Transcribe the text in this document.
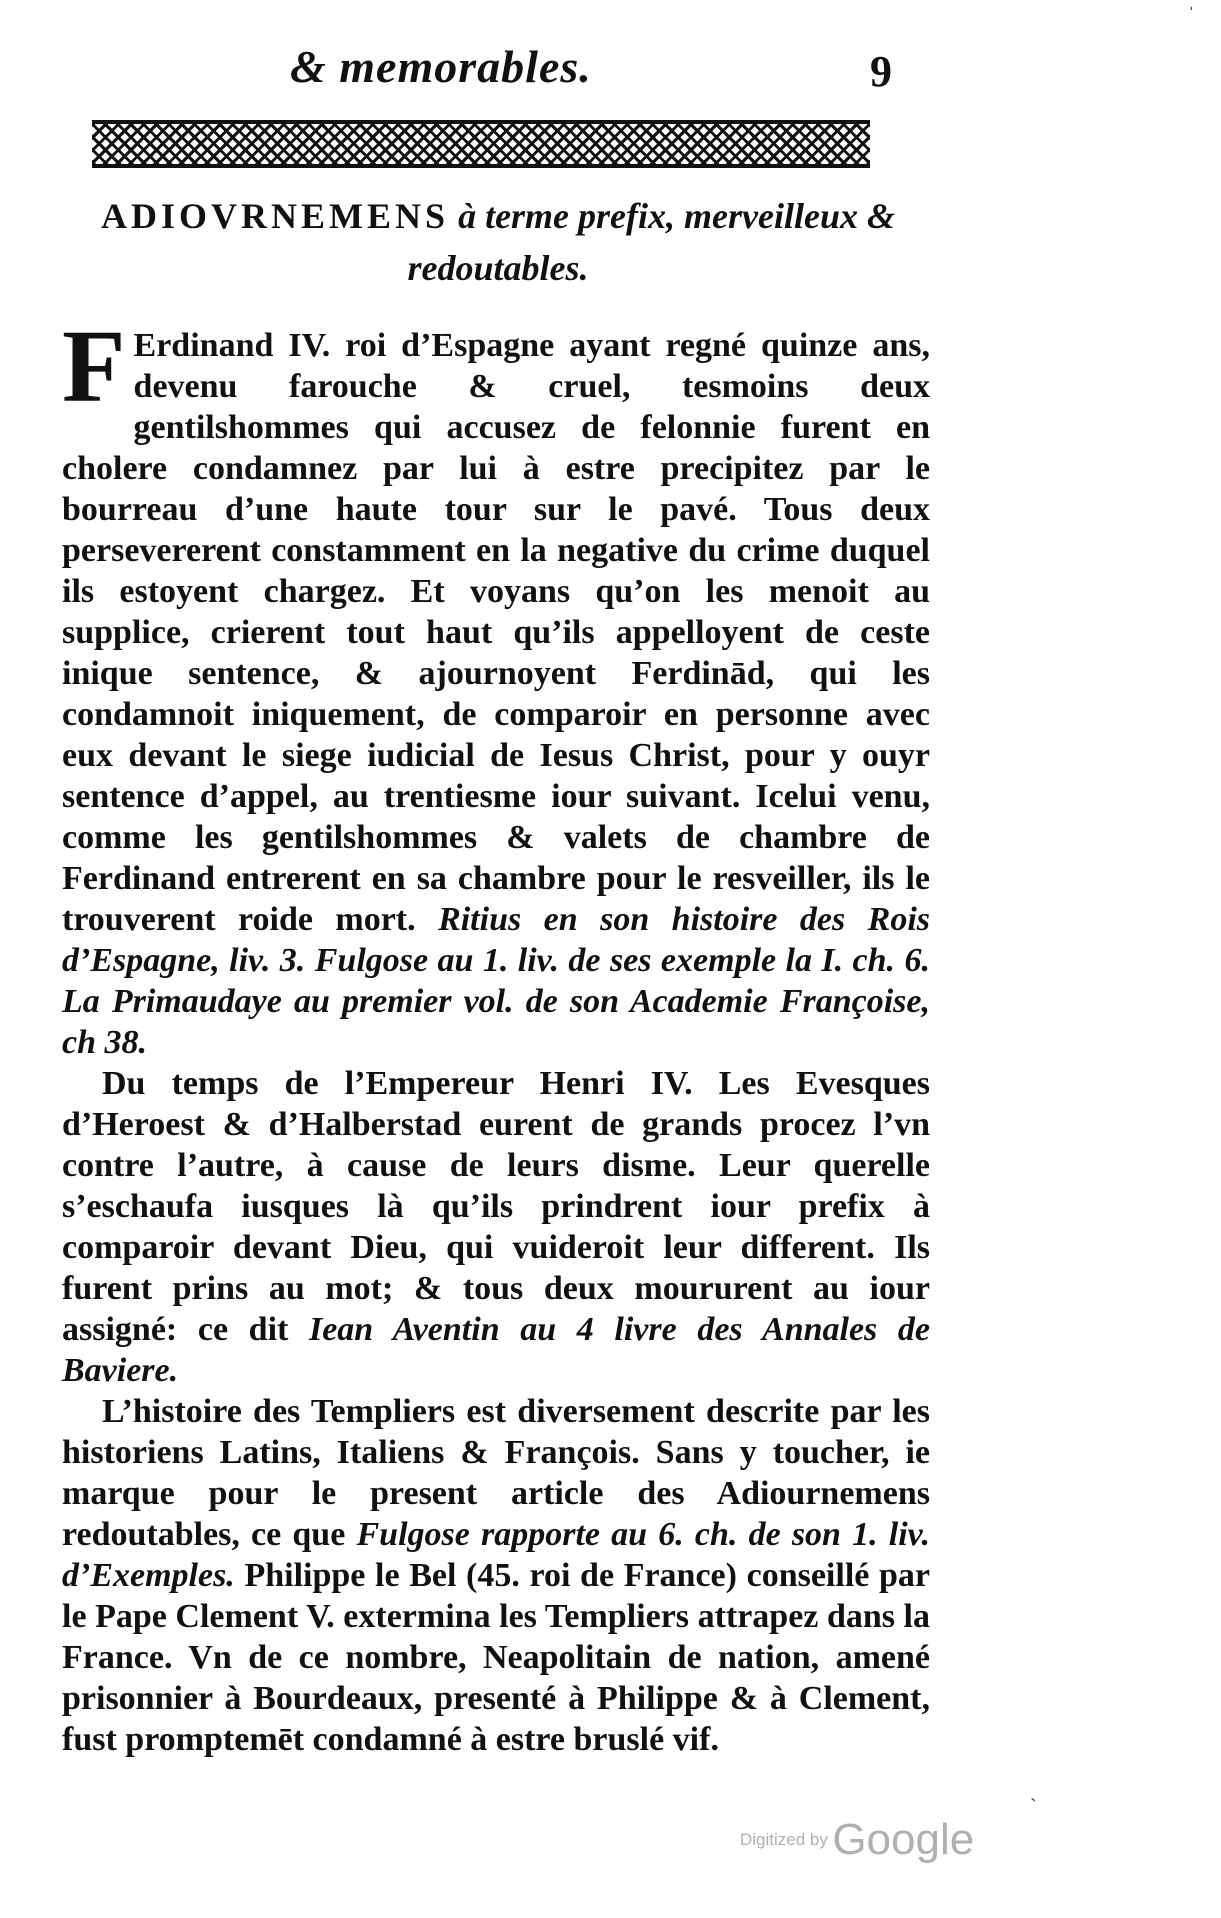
& memorables.	9
ADIOVRNEMENS à terme prefix, merveilleux & redoutables.

F Erdinand IV. roi d’Espagne ayant regné quinze ans, devenu farouche & cruel, tesmoins deux gentilshommes qui accusez de felonnie furent en cholere condamnez par lui à estre precipitez par le bourreau d’une haute tour sur le pavé. Tous deux persevererent constamment en la negative du crime duquel ils estoyent chargez. Et voyans qu’on les menoit au supplice, crierent tout haut qu’ils appelloyent de ceste inique sentence, & ajournoyent Ferdinād, qui les condamnoit iniquement, de comparoir en personne avec eux devant le siege iudicial de Iesus Christ, pour y ouyr sentence d’appel, au trentiesme iour suivant. Icelui venu, comme les gentilshommes & valets de chambre de Ferdinand entrerent en sa chambre pour le resveiller, ils le trouverent roide mort. Ritius en son histoire des Rois d’Espagne, liv. 3. Fulgose au 1. liv. de ses exemple la I. ch. 6. La Primaudaye au premier vol. de son Academie Françoise, ch 38.

Du temps de l’Empereur Henri IV. Les Evesques d’Heroest & d’Halberstad eurent de grands procez l’vn contre l’autre, à cause de leurs disme. Leur querelle s’eschaufa iusques là qu’ils prindrent iour prefix à comparoir devant Dieu, qui vuideroit leur different. Ils furent prins au mot; & tous deux moururent au iour assigné: ce dit Iean Aventin au 4 livre des Annales de Baviere.

L’histoire des Templiers est diversement descrite par les historiens Latins, Italiens & François. Sans y toucher, ie marque pour le present article des Adiournemens redoutables, ce que Fulgose rapporte au 6. ch. de son 1. liv. d’Exemples. Philippe le Bel (45. roi de France) conseillé par le Pape Clement V. extermina les Templiers attrapez dans la France. Vn de ce nombre, Neapolitain de nation, amené prisonnier à Bourdeaux, presenté à Philippe & à Clement, fust promptemēt condamné à estre bruslé vif.

ˈ
ˎ
Digitized by Google
